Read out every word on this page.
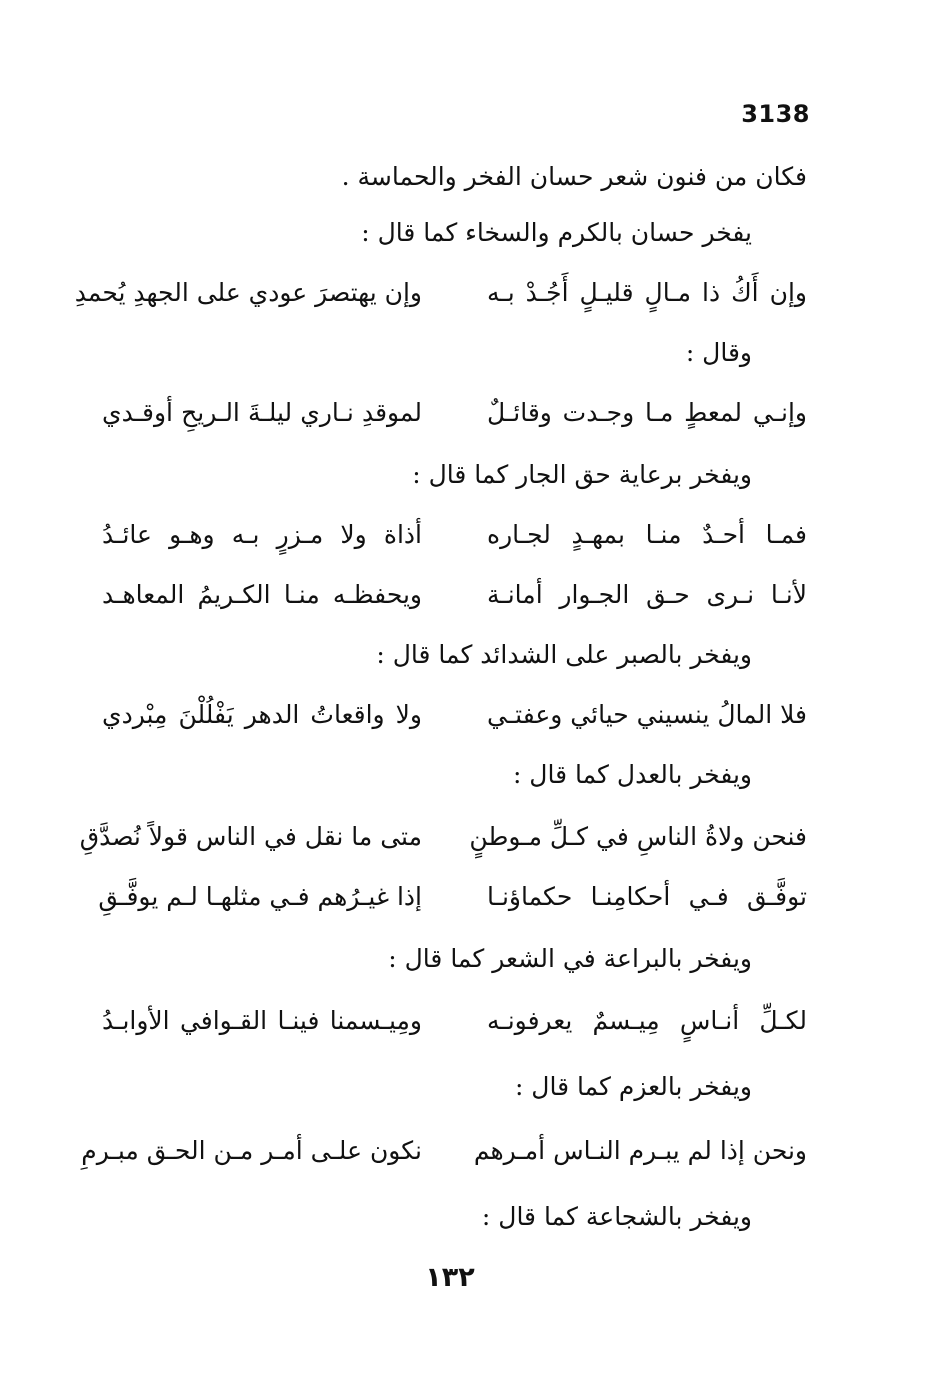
3138
فكان من فنون شعر حسان الفخر والحماسة .
يفخر حسان بالكرم والسخاء كما قال :
وإن أَكُ ذا مـالٍ قليـلٍ أَجُـدْ بـه
وإن يهتصرَ عودي على الجهدِ يُحمدِ
وقال :
وإنـي لمعطٍ مـا وجـدت وقائـلٌ
لموقدِ نـاري ليلـةَ الـريحِ أوقـدي
ويفخر برعاية حق الجار كما قال :
فمـا أحـدٌ منـا بمهـدٍ لجـاره
أذاة ولا مـزرٍ بـه وهـو عائـدُ
لأنـا نـرى حـق الجـوار أمانـة
ويحفظـه منـا الكـريمُ المعاهـد
ويفخر بالصبر على الشدائد كما قال :
فلا المالُ ينسيني حيائي وعفتـي
ولا واقعاتُ الدهر يَفْلُلْنَ مِبْردي
ويفخر بالعدل كما قال :
فنحن ولاةُ الناسِ في كـلِّ مـوطنٍ
متى ما نقل في الناس قولاً نُصدَّقِ
توفَّـق فـي أحكامِنـا حكماؤنـا
إذا غيـرُهم فـي مثلهـا لـم يوفَّـقِ
ويفخر بالبراعة في الشعر كما قال :
لكـلِّ أنـاسٍ مِيـسمٌ يعرفونـه
ومِيـسمنا فينـا القـوافي الأوابـدُ
ويفخر بالعزم كما قال :
ونحن إذا لم يبـرم النـاس أمـرهم
نكون علـى أمـر مـن الحـق مبـرمِ
ويفخر بالشجاعة كما قال :
١٣٢
